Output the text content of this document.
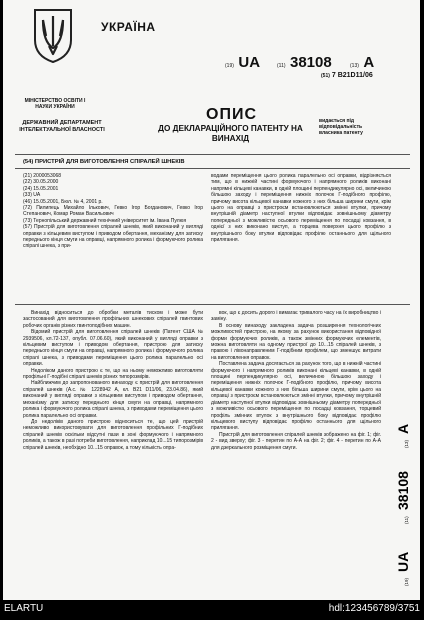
УКРАЇНА
МІНІСТЕРСТВО ОСВІТИ І НАУКИ УКРАЇНИ
ДЕРЖАВНИЙ ДЕПАРТАМЕНТ ІНТЕЛЕКТУАЛЬНОЇ ВЛАСНОСТІ
(19) UA	(11) 38108	(13) A
(51) 7 B21D11/06
ОПИС
ДО ДЕКЛАРАЦІЙНОГО ПАТЕНТУ НА ВИНАХІД
видається під відповідальність власника патенту
(54) ПРИСТРІЙ ДЛЯ ВИГОТОВЛЕННЯ СПІРАЛЕЙ ШНЕКІВ

(21) 2000053068

(22) 30.05.2000

(24) 15.05.2001

(33) UA

(46) 15.05.2001, Бюл. № 4, 2001 р.

(72) Пилипець Михайло Ількович, Гевко Ігор Богданович, Гевко Ігор Степанович, Комар Роман Васильович

(73) Тернопільський державний технічний університет ім. Івана Пулюя

(57) Пристрій для виготовлення спіралей шнеків, який виконаний у вигляді оправки з кільцевим виступом і приводом обертання, механізму для затиску переднього кінця смуги на оправці, напрямного ролика і формуючого ролика спіралі шнека, з при-

водами переміщення цього ролика паралельно осі оправки, відрізняється тим, що в нижній частині формуючого і напрямного роликів виконані напрямні кільцеві канавки, в одній площині перпендикулярно осі, величиною більшою заходу і переміщення нижніх полочок Г-подібного профілю, причому висота кільцевої канавки кожного з них більша ширини смуги, крім цього на оправці з пристроєм встановлюються змінні втулки, причому внутрішній діаметр наступної втулки відповідає зовнішньому діаметру попередньої з можливістю осьового переміщення по посадці ковзання, в однієї з них виконано виступ, а торцева поверхня цього профілю з внутрішнього боку втулки відповідає профілю останнього для щільного прилягання.

Винахід відноситься до обробки металів тиском і може бути застосований для виготовлення профільних шнекових спіралей гвинтових робочих органів різних гвинтоподібних машин.

Відомий пристрій для виготовлення спіралей шнеків (Патент США № 2939506, кл.72-137, опубл. 07.06.60), який виконаний у вигляді оправки з кільцевим виступом і приводом обертання, пристрою для затиску переднього кінця смуги на оправці, напрямного ролика і формуючого ролика спіралі шнека, з приводами переміщення цього ролика паралельно осі оправки.

Недоліком даного пристрою є те, що на ньому неможливо виготовляти профільні Г-подібні спіралі шнеків різних типорозмірів.

Найближчим до запропонованого винаходу є пристрій для виготовлення спіралей шнеків (А.с. № 1228942 А, кл. В21 D11/06, 23.04.86), який виконаний у вигляді оправки з кільцевим виступом і приводом обертання, механізму для затиску переднього кінця смуги на оправці, напрямного ролика і формуючого ролика спіралі шнека, з приводами переміщення цього ролика паралельно осі оправки.

До недоліків даного пристрою відноситься те, що цей пристрій неможливо використовувати для виготовлення профільних Г-подібних спіралей шнеків оскільки відсутні пази в зоні формуючого і напрямного роликів, а також в разі потреби виготовлення, наприклад 10...15 типорозмірів спіралей шнеків, необхідно 10...15 оправок, а тому кількість опра-

вок, що є досить дорого і вимагає тривалого часу на їх виробництво і заміну.

В основу винаходу закладена задача розширення технологічних можливостей пристрою, на якому за рахунок використання відповідної форми формуючих роликів, а також змінних формуючих елементів, можна виготовляти на одному пристрої до 10...15 спіралей шнеків, з правою і лівонаправленим Г-подібним профілем, що зменшує витрати на виготовлення оправок.

Поставлена задача досягається за рахунок того, що в нижній частині формуючого і напрямного роликів виконані кільцеві канавки, в одній площині перпендикулярно осі, величиною більшою заходу і переміщення нижніх полочок Г-подібного профілю, причому висота кільцевої канавки кожного з них більша ширини смуги, крім цього на оправці з пристроєм встановлюються змінні втулки, причому внутрішній діаметр наступної втулки відповідає зовнішньому діаметру попередньої з можливістю осьового переміщення по посадці ковзання, торцевий профіль змінних втулок з внутрішнього боку відповідає профілю кільцевого виступу відповідає профілю останнього для щільного прилягання.

Пристрій для виготовлення спіралей шнеків зображено на фіг. 1; фіг. 2 - вид зверху; фіг. 3 - перетин по А-А на фіг. 2; фіг. 4 - перетин по А-А для дзеркального розміщення смуги.

(19)
UA
(11)
38108
(13)
A
ELARTU	hdl:123456789/3751
